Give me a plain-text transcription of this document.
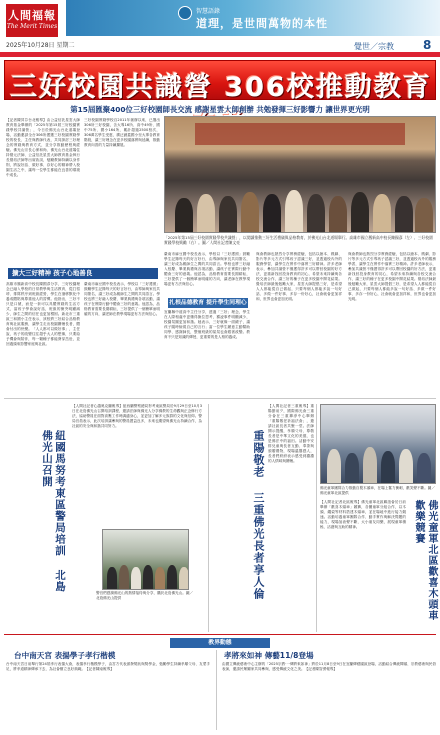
人間福報
The Merit Times
2025年10月28日 星期二
智慧語錄
道理，是世間萬物的本性
覺世／宗教 8
三好校園共識營 306校推動教育
第15屆匯聚400位三好校園師長交流 感謝星雲大師創辦 共勉發揮三好影響力 讓世界更光明
【記者陳昇芬台北報導】由公益信託星雲大師教育基金舉辦的「2025年第15屆三好校園實踐學校共識營」，今日於佛光山台北道場登場，活動邀請全台306所獲選三好校園實踐學校的校長、主任與教師代表，共同探討三好理念的實踐與教育方式，並分享推動歷程與經驗。佛光山宗長心保和尚、佛光山台北道場住持覺元法師、公益信託星雲大師教育基金執行長覺培法師等出席致詞，勉勵教師持續以身作則，將說好話、做好事、存好心的精神帶入校園生活之中，讓每一位學生都能在良善的環境中成長。
三好校園實踐學校自2011年創辦以來，已選出306所三好校園，含大專16所、高中49所、國中75所、國小164所，累計超過2500校次，306萬名學生受惠，廣泛涵蓋國小至大專各教育階段，讓三好理念在更多校園落實與延續，推動教育向善的力量持續擴展。
「2025年第15屆三好校園實踐學校共識營」，以閱讀推動三好生活禮儀與品格教育，於佛光山台北道場舉行。高雄市國立鳳新高中校長陳國彥（左）、三好校園實踐學校獎勵（右）。圖／人間社記者陳文亮
擴大三好精神 孩子心地善良
高雄市鳳新高中校長陳國彥分享，三好校園理念已融入學校的日常教學與生活教育，從打招呼、排隊秩序到班級經營，學生在潛移默化中養成體貼與尊重他人的習慣。他指出，三好不只是口號，而是一套可以具體實踐的生活方式，當孩子學會說好話，班級的衝突明顯減少，師生之間的信任也更加穩固。新北市三重區三和國小主任表示，該校將三好結合品格教育與社區服務，讓學生走出校園關懷長者，體會付出的快樂。「人人都可以做好事」，主任說，孩子的改變往往超乎大人的想像，只要給予機會與陪伴，每一顆種子都能發芽茁壯，並回過頭來影響家庭與社區。
臺南市麻豆國中校長表示，學校以「三好護照」鼓勵學生記錄每天的好言好行，由導師與家長共同簽名，讓三好成為親師生之間的共同語言。學校也將三好融入校慶、畢業典禮與各項活動，讓孩子在實際行動中體會三好的意義。他認為，品格教育需要長期耕耘，三好提供了一個簡單而明確的方向，讓老師在教學現場更有方法與信心。
臺南市麻豆國中校長表示，學校以「三好護照」鼓勵學生記錄每天的好言好行，由導師與家長共同簽名，讓三好成為親師生之間的共同語言。學校也將三好融入校慶、畢業典禮與各項活動，讓孩子在實際行動中體會三好的意義。他認為，品格教育需要長期耕耘，三好提供了一個簡單而明確的方向，讓老師在教學現場更有方法與信心。
扎根品德教育 提升學生同理心
宜蘭縣中道高中主任分享，透過「三好」理念，學生在人際相處中更懂得換位思考，霸凌事件明顯減少，校園氛圍更加和諧。她表示，三好就像一面鏡子，讓孩子隨時檢視自己的言行；當一位學生願意主動幫助同學、感謝師長，整個班級的氣氛也會跟著改變。教育不只是知識的傳授，更重要的是人格的養成。
與會教師也熱烈分享實務經驗，包括以繪本、戲劇、影片等多元方式引導孩子認識三好，並透過校內外的服務學習，讓學生在實作中落實三好精神。許多老師表示，參加共識營不僅獲得許多可以帶回校園的好方法，更重新找回投身教育的初心，希望未來持續與各校交流合作，讓三好的種子在更多校園中開花結果。覺培法師最後勉勵大家，星雲大師提倡三好，是希望人人都能從自己做起，只要每個人都能多說一句好話、多做一件好事、多存一份好心，社會就會更加祥和，世界也會更加光明。
與會教師也熱烈分享實務經驗，包括以繪本、戲劇、影片等多元方式引導孩子認識三好，並透過校內外的服務學習，讓學生在實作中落實三好精神。許多老師表示，參加共識營不僅獲得許多可以帶回校園的好方法，更重新找回投身教育的初心，希望未來持續與各校交流合作，讓三好的種子在更多校園中開花結果。覺培法師最後勉勵大家，星雲大師提倡三好，是希望人人都能從自己做起，只要每個人都能多說一句好話、多做一件好事、多存一份好心，社會就會更加祥和，世界也會更加光明。
紐國馬努考東區警局培訓 北島佛光山召開
【人間社記者心越奧克蘭報導】紐西蘭警察總局努考東區警局於9月29日至10月3日在北島佛光山召開培訓課程，邀請法師與佛光人分享佛教的生命觀與正念修行方法，協助警員在面對高壓工作時調適身心，並更加了解多元族群的文化與信仰。警局官員表示，此次培訓讓參與的警員獲益良多，未來也期望與佛光山持續合作，為社區的安全與和諧共同努力。
警官們感謝佛光山的熱情接待與分享，攝於北島佛光山。圖／北島佛光山提供	重陽敬老 三重佛光長者享人倫
【人間社記者三重報導】重陽節前夕，國際佛光會三重分會在三重禪淨中心舉辦「重陽敬老祈福法會」，邀請社區長者共聚一堂。法師開示提醒，孝順父母、尊敬長者是中華文化的美德，也是佛法中的福田。活動中安排兒童與長者互動、奉茶與頒贈禮物，現場溫馨感人，長者們紛紛表示感受到濃濃的人情味與關懷。
佛光童軍團隊合力推動自製木頭車，在場上奮力衝刺，歡笑聲不斷。圖／佛光童軍北區提供
【人間社記者北區報導】佛光童軍北區聯誼會於日前舉辦「歡喜木頭車」競賽，各團童軍分組合作，以木頭、繩索等材料搭建木頭車，並在場地中進行接力競速。活動培養童軍團隊合作、動手實作與解決問題的能力，現場加油聲不斷，大小朋友同樂，展現童軍積極、活潑與互助的精神。	佛光童軍北區歡喜木頭車 歡樂競賽
教界動態
台中南天宮 表揚學子孝行楷模
台中南天宮日前舉行第24屆孝行表揚大會，表揚孝行楷模學子，由宮方代表頒發獎狀與獎學金，勉勵學生持續孝順父母、友愛手足，將孝道精神傳承下去，為社會樹立良好典範。【記者陳南報導】
孝將來如神 傳藝11/8登場
由國立傳統藝術中心主辦的「2025宗教·一傳將來如神」將於11月8日至9日在宜蘭傳藝園區登場，活動結合傳統陣頭、宗教藝術與民俗表演，邀請民眾闔家共同參與，感受傳統文化之美。【記者陳智勇報導】
